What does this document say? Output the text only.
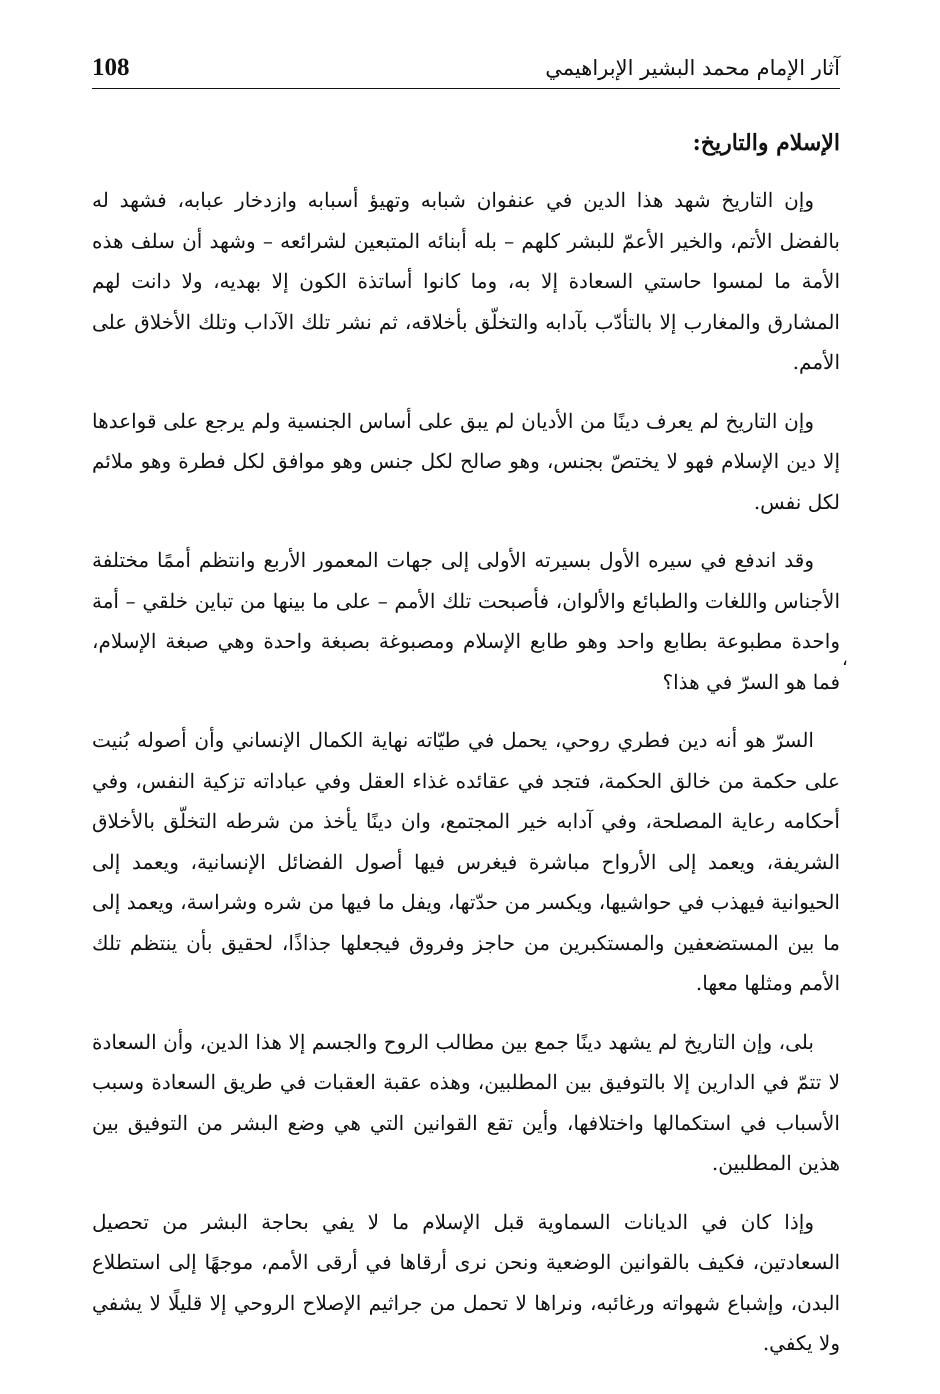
108	آثار الإمام محمد البشير الإبراهيمي
الإسلام والتاريخ:

وإن التاريخ شهد هذا الدين في عنفوان شبابه وتهيؤ أسبابه وازدخار عبابه، فشهد له بالفضل الأتم، والخير الأعمّ للبشر كلهم – بله أبنائه المتبعين لشرائعه – وشهد أن سلف هذه الأمة ما لمسوا حاستي السعادة إلا به، وما كانوا أساتذة الكون إلا بهديه، ولا دانت لهم المشارق والمغارب إلا بالتأدّب بآدابه والتخلّق بأخلاقه، ثم نشر تلك الآداب وتلك الأخلاق على الأمم.

وإن التاريخ لم يعرف دينًا من الأديان لم يبق على أساس الجنسية ولم يرجع على قواعدها إلا دين الإسلام فهو لا يختصّ بجنس، وهو صالح لكل جنس وهو موافق لكل فطرة وهو ملائم لكل نفس.

وقد اندفع في سيره الأول بسيرته الأولى إلى جهات المعمور الأربع وانتظم أممًا مختلفة الأجناس واللغات والطبائع والألوان، فأصبحت تلك الأمم – على ما بينها من تباين خلقي – أمة واحدة مطبوعة بطابع واحد وهو طابع الإسلام ومصبوغة بصبغة واحدة وهي صبغة الإسلام، فما هو السرّ في هذا؟

السرّ هو أنه دين فطري روحي، يحمل في طيّاته نهاية الكمال الإنساني وأن أصوله بُنيت على حكمة من خالق الحكمة، فتجد في عقائده غذاء العقل وفي عباداته تزكية النفس، وفي أحكامه رعاية المصلحة، وفي آدابه خير المجتمع، وان دينًا يأخذ من شرطه التخلّق بالأخلاق الشريفة، ويعمد إلى الأرواح مباشرة فيغرس فيها أصول الفضائل الإنسانية، ويعمد إلى الحيوانية فيهذب في حواشيها، ويكسر من حدّتها، ويفل ما فيها من شره وشراسة، ويعمد إلى ما بين المستضعفين والمستكبرين من حاجز وفروق فيجعلها جذاذًا، لحقيق بأن ينتظم تلك الأمم ومثلها معها.

بلى، وإن التاريخ لم يشهد دينًا جمع بين مطالب الروح والجسم إلا هذا الدين، وأن السعادة لا تتمّ في الدارين إلا بالتوفيق بين المطلبين، وهذه عقبة العقبات في طريق السعادة وسبب الأسباب في استكمالها واختلافها، وأين تقع القوانين التي هي وضع البشر من التوفيق بين هذين المطلبين.

وإذا كان في الديانات السماوية قبل الإسلام ما لا يفي بحاجة البشر من تحصيل السعادتين، فكيف بالقوانين الوضعية ونحن نرى أرقاها في أرقى الأمم، موجهًا إلى استطلاع البدن، وإشباع شهواته ورغائبه، ونراها لا تحمل من جراثيم الإصلاح الروحي إلا قليلًا لا يشفي ولا يكفي.

،
